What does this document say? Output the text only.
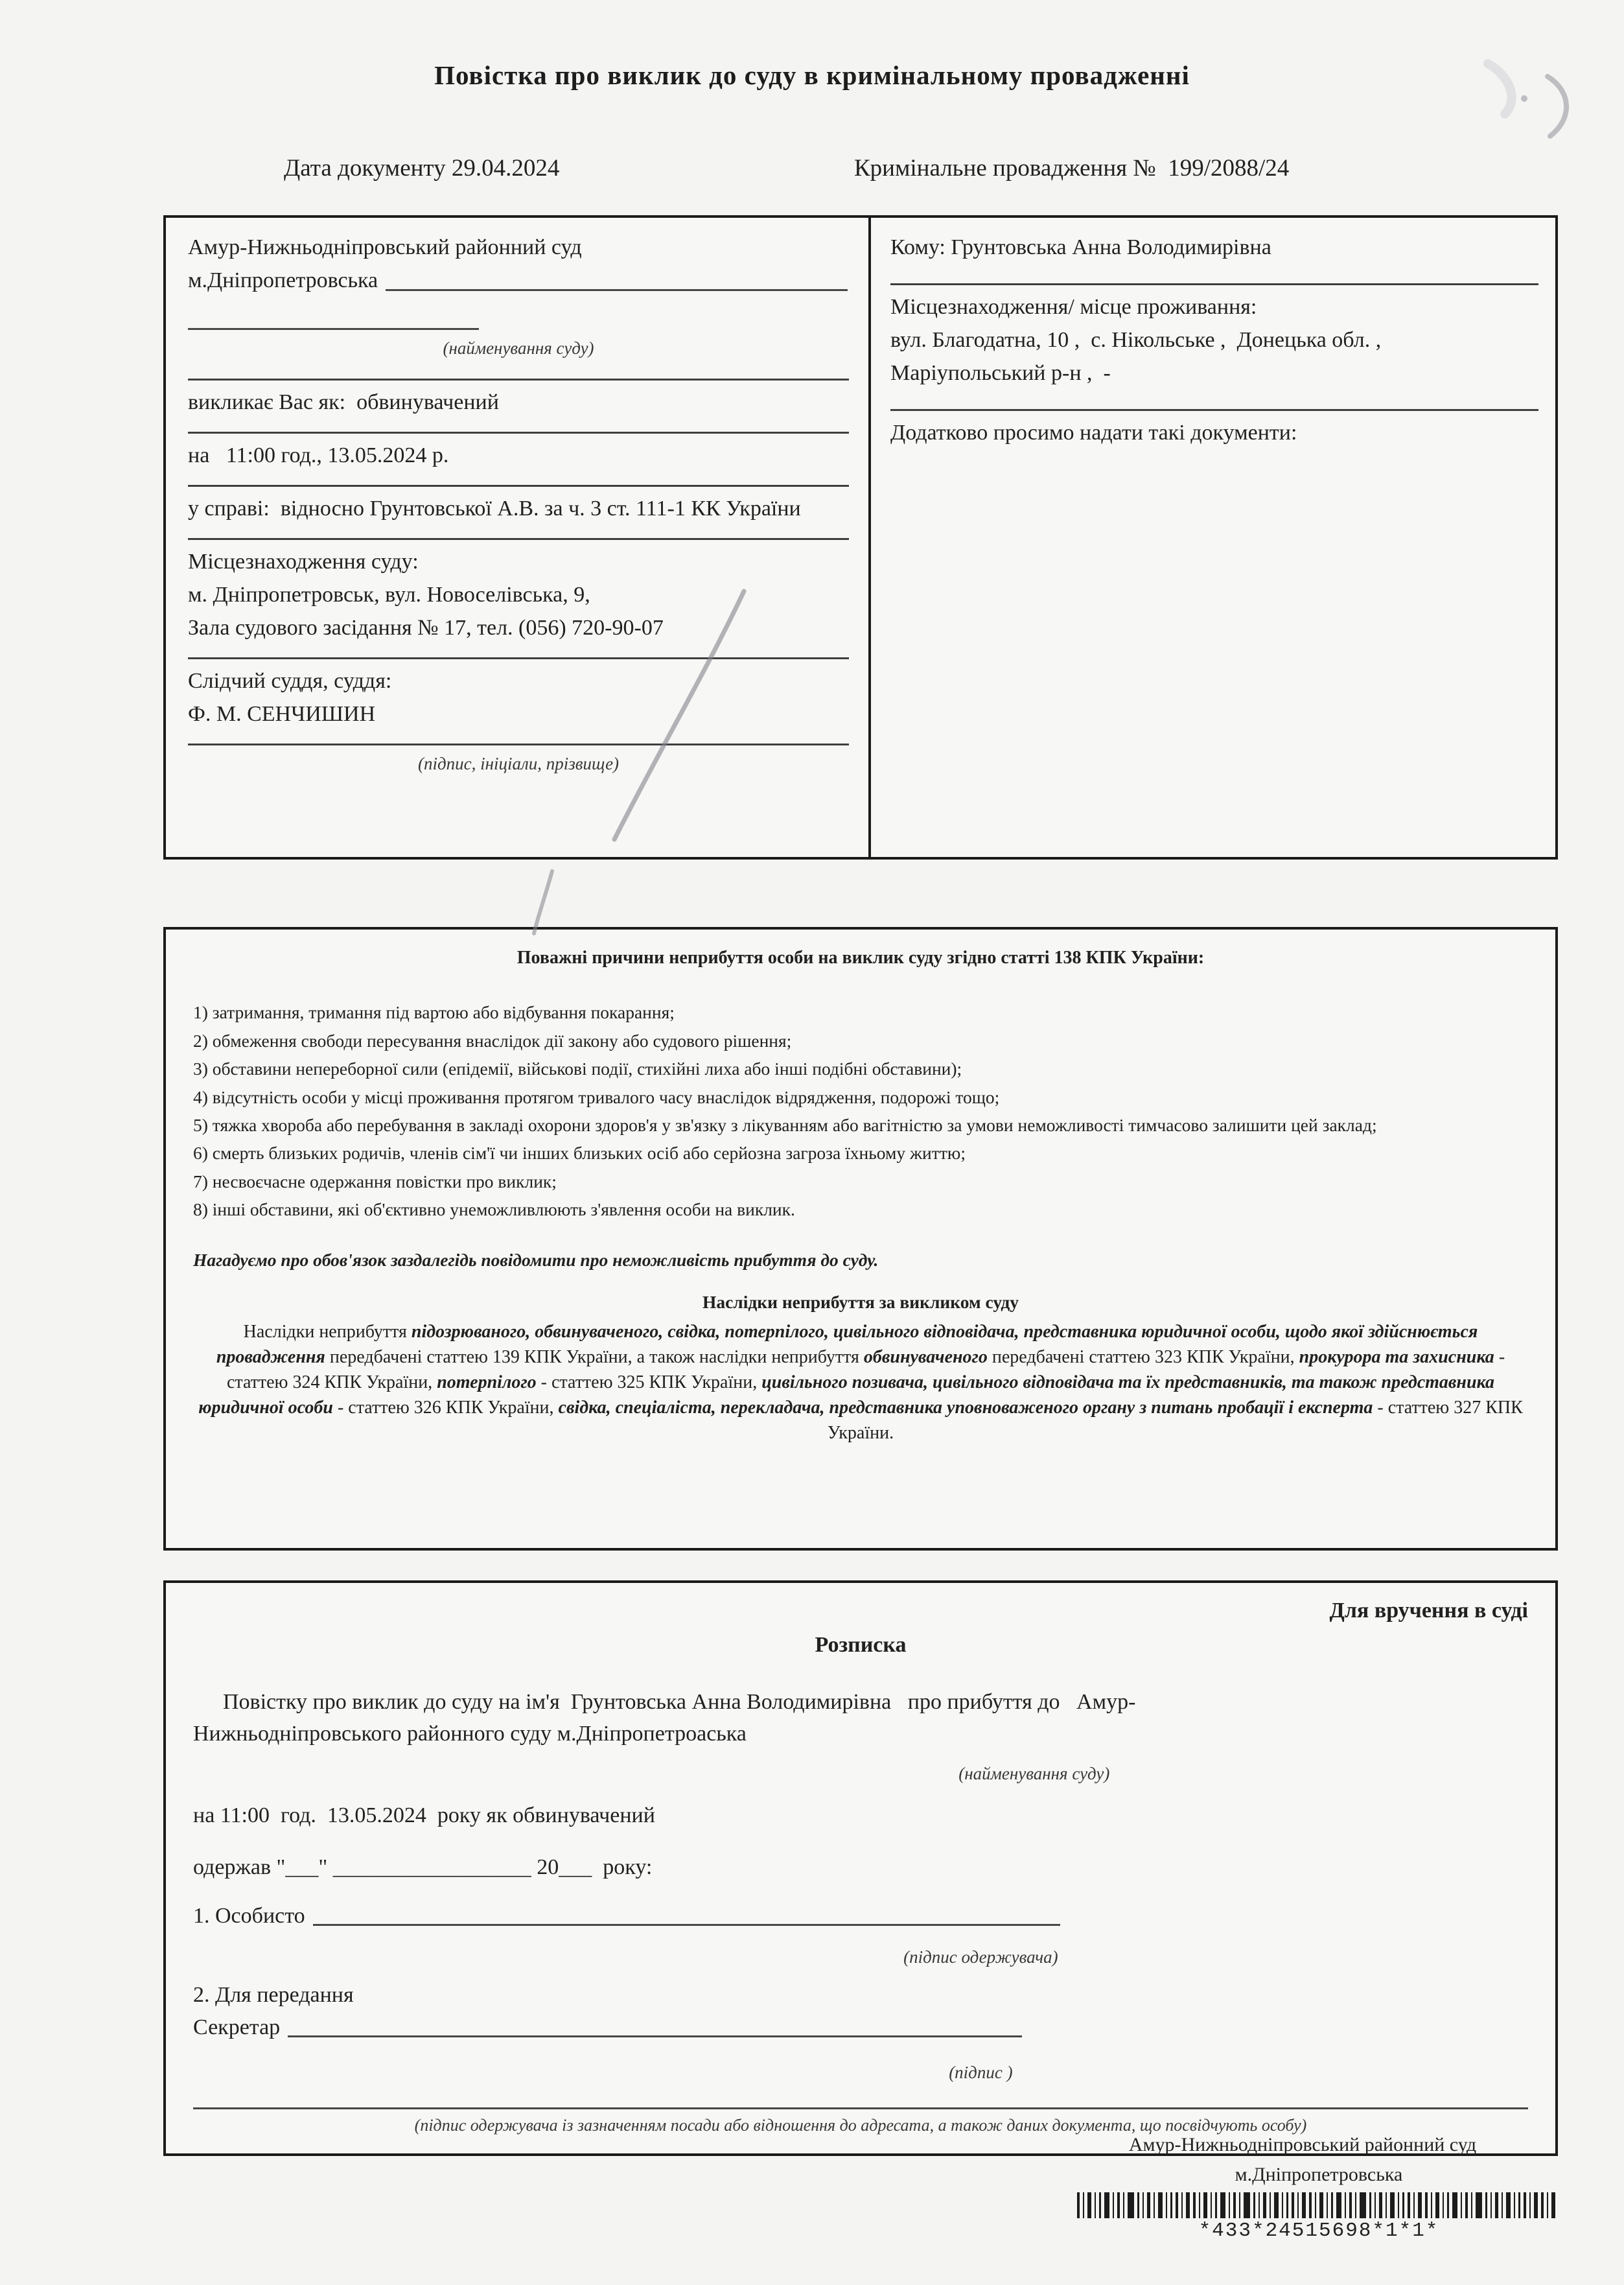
Повістка про виклик до суду в кримінальному провадженні
Дата документу 29.04.2024	Кримінальне провадження №  199/2088/24
Амур-Нижньодніпровський районний суд
м.Дніпропетровська
(найменування суду)
викликає Вас як:  обвинувачений
на   11:00 год., 13.05.2024 р.
у справі:  відносно Грунтовської А.В. за ч. 3 ст. 111-1 КК України
Місцезнаходження суду:
м. Дніпропетровськ, вул. Новоселівська, 9,
Зала судового засідання № 17, тел. (056) 720-90-07
Слідчий суддя, суддя:
Ф. М. СЕНЧИШИН
(підпис, ініціали, прізвище)
Кому: Грунтовська Анна Володимирівна
Місцезнаходження/ місце проживання:
вул. Благодатна, 10 ,  с. Нікольське ,  Донецька обл. ,
Маріупольський р-н ,  -
Додатково просимо надати такі документи:
Поважні причини неприбуття особи на виклик суду згідно статті 138 КПК України:
1) затримання, тримання під вартою або відбування покарання;
2) обмеження свободи пересування внаслідок дії закону або судового рішення;
3) обставини непереборної сили (епідемії, військові події, стихійні лиха або інші подібні обставини);
4) відсутність особи у місці проживання протягом тривалого часу внаслідок відрядження, подорожі тощо;
5) тяжка хвороба або перебування в закладі охорони здоров'я у зв'язку з лікуванням або вагітністю за умови неможливості тимчасово залишити цей заклад;
6) смерть близьких родичів, членів сім'ї чи інших близьких осіб або серйозна загроза їхньому життю;
7) несвоєчасне одержання повістки про виклик;
8) інші обставини, які об'єктивно унеможливлюють з'явлення особи на виклик.
Нагадуємо про обов'язок заздалегідь повідомити про неможливість прибуття до суду.
Наслідки неприбуття за викликом суду
Наслідки неприбуття підозрюваного, обвинуваченого, свідка, потерпілого, цивільного відповідача, представника юридичної особи, щодо якої здійснюється провадження передбачені статтею 139 КПК України, а також наслідки неприбуття обвинуваченого передбачені статтею 323 КПК України, прокурора та захисника - статтею 324 КПК України, потерпілого - статтею 325 КПК України, цивільного позивача, цивільного відповідача та їх представників, та також представника юридичної особи - статтею 326 КПК України, свідка, спеціаліста, перекладача, представника уповноваженого органу з питань пробації і експерта - статтею 327 КПК України.
Для вручення в суді
Розписка
Повістку про виклик до суду на ім'я  Грунтовська Анна Володимирівна   про прибуття до   Амур-
Нижньодніпровського районного суду м.Дніпропетроаська
(найменування суду)
на 11:00  год.  13.05.2024  року як обвинувачений
одержав "___" __________________ 20___  року:
1. Особисто
(підпис одержувача)
2. Для передання
Секретар
(підпис )
(підпис одержувача із зазначенням посади або відношення до адресата, а також даних документа, що посвідчують особу)
Амур-Нижньодніпровський районний суд
м.Дніпропетровська
*433*24515698*1*1*
